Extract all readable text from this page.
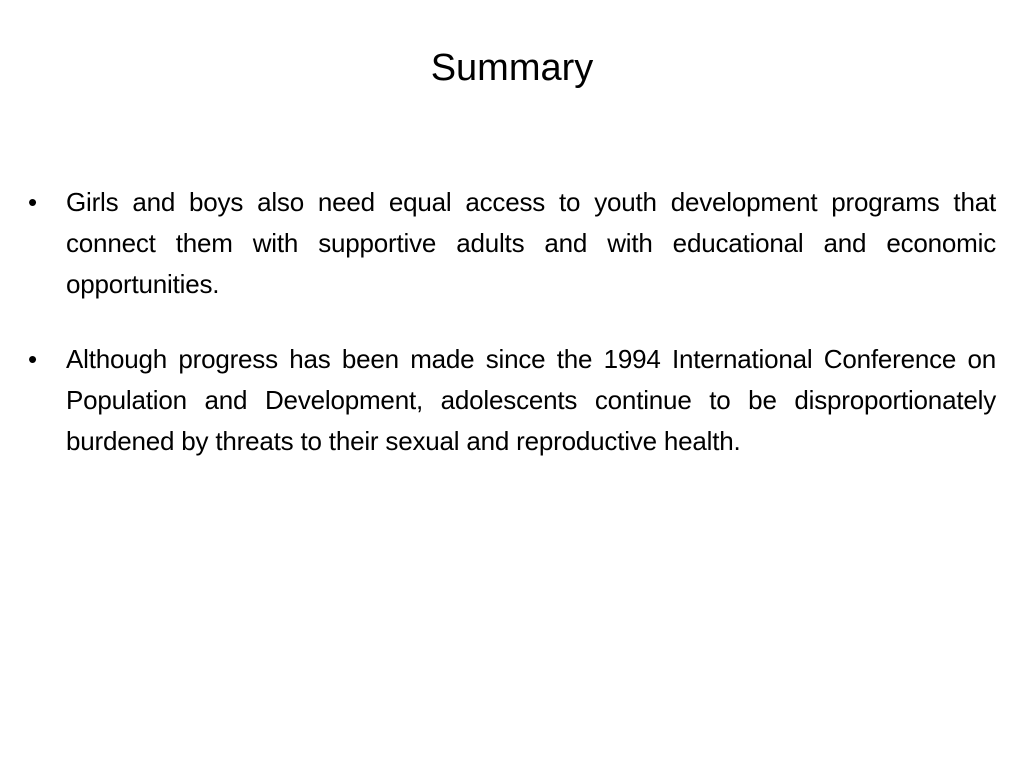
Summary
• Girls and boys also need equal access to youth development programs that connect them with supportive adults and with educational and economic opportunities.
• Although progress has been made since the 1994 International Conference on Population and Development, adolescents continue to be disproportionately burdened by threats to their sexual and reproductive health.
